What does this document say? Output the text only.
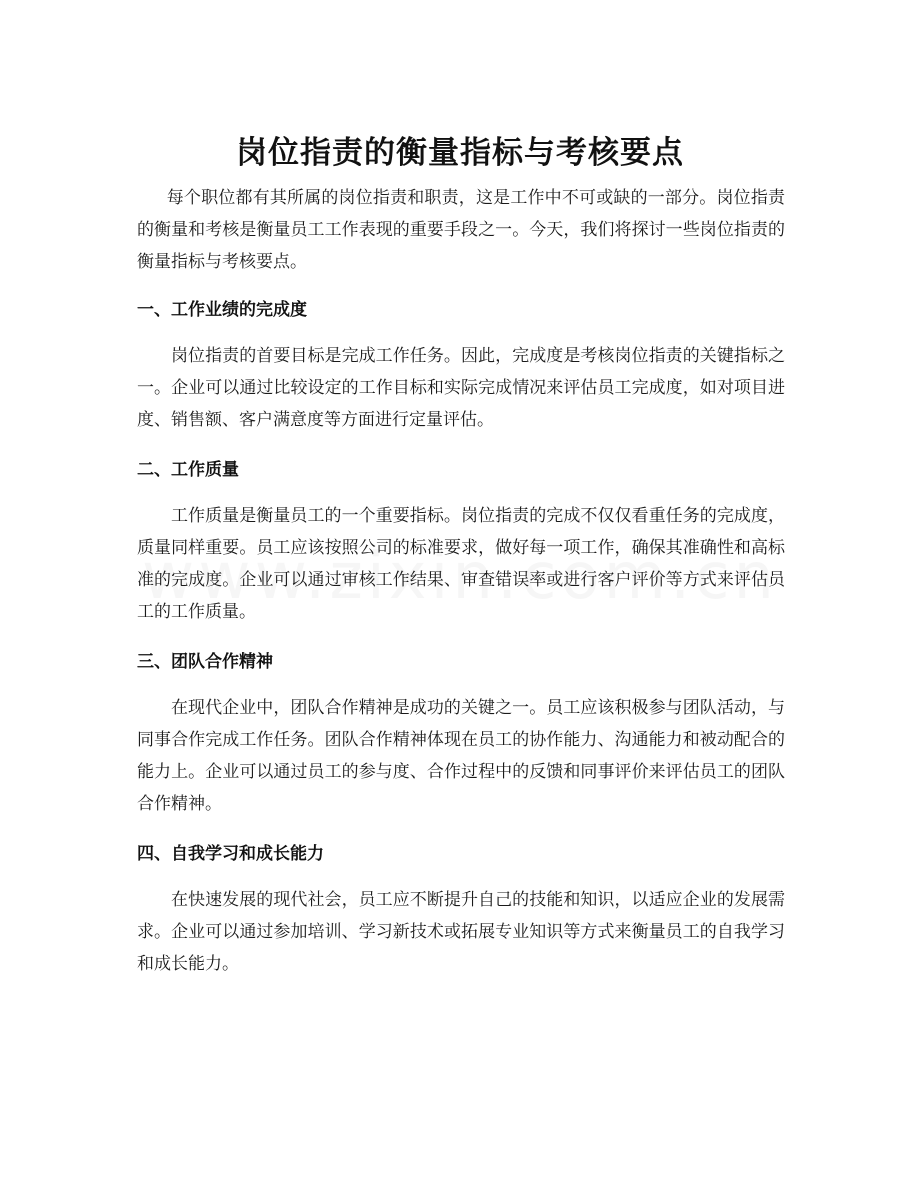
岗位指责的衡量指标与考核要点

每个职位都有其所属的岗位指责和职责，这是工作中不可或缺的一部分。岗位指责的衡量和考核是衡量员工工作表现的重要手段之一。今天，我们将探讨一些岗位指责的衡量指标与考核要点。

一、工作业绩的完成度

岗位指责的首要目标是完成工作任务。因此，完成度是考核岗位指责的关键指标之一。企业可以通过比较设定的工作目标和实际完成情况来评估员工完成度，如对项目进度、销售额、客户满意度等方面进行定量评估。

二、工作质量

工作质量是衡量员工的一个重要指标。岗位指责的完成不仅仅看重任务的完成度，质量同样重要。员工应该按照公司的标准要求，做好每一项工作，确保其准确性和高标准的完成度。企业可以通过审核工作结果、审查错误率或进行客户评价等方式来评估员工的工作质量。

三、团队合作精神

在现代企业中，团队合作精神是成功的关键之一。员工应该积极参与团队活动，与同事合作完成工作任务。团队合作精神体现在员工的协作能力、沟通能力和被动配合的能力上。企业可以通过员工的参与度、合作过程中的反馈和同事评价来评估员工的团队合作精神。

四、自我学习和成长能力

在快速发展的现代社会，员工应不断提升自己的技能和知识，以适应企业的发展需求。企业可以通过参加培训、学习新技术或拓展专业知识等方式来衡量员工的自我学习和成长能力。
